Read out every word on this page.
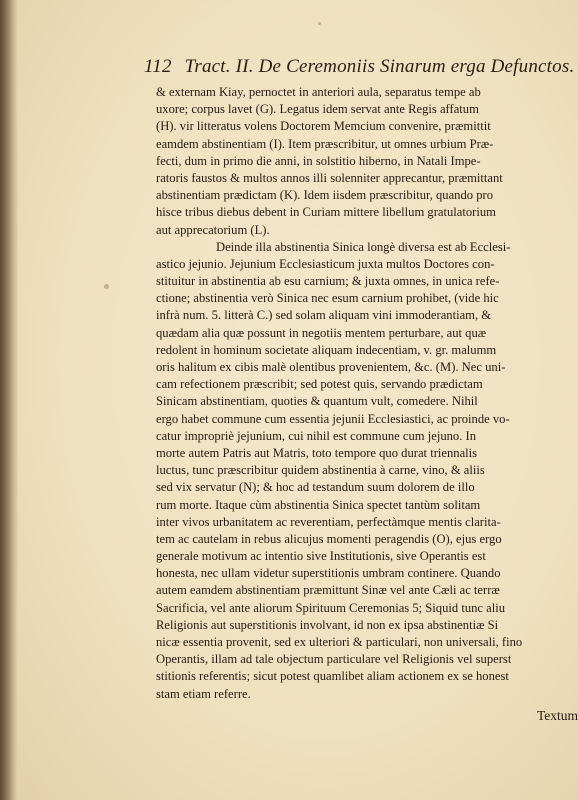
112 Tract. II. De Ceremoniis Sinarum erga Defunctos.
& externam Kiay, pernoctet in anteriori aula, separatus tempe ab
uxore; corpus lavet (G). Legatus idem servat ante Regis affatum
(H). vir litteratus volens Doctorem Memcium convenire, præmittit
eamdem abstinentiam (I). Item præscribitur, ut omnes urbium Præ-
fecti, dum in primo die anni, in solstitio hiberno, in Natali Impe-
ratoris faustos & multos annos illi solenniter apprecantur, præmittant
abstinentiam prædictam (K). Idem iisdem præscribitur, quando pro
hisce tribus diebus debent in Curiam mittere libellum gratulatorium
aut apprecatorium (L).
Deinde illa abstinentia Sinica longè diversa est ab Ecclesi-
astico jejunio. Jejunium Ecclesiasticum juxta multos Doctores con-
stituitur in abstinentia ab esu carnium; & juxta omnes, in unica refe-
ctione; abstinentia verò Sinica nec esum carnium prohibet, (vide hic
infrà num. 5. litterà C.) sed solam aliquam vini immoderantiam, &
quædam alia quæ possunt in negotiis mentem perturbare, aut quæ
redolent in hominum societate aliquam indecentiam, v. gr. malumm
oris halitum ex cibis malè olentibus provenientem, &c. (M). Nec uni-
cam refectionem præscribit; sed potest quis, servando prædictam
Sinicam abstinentiam, quoties & quantum vult, comedere. Nihil
ergo habet commune cum essentia jejunii Ecclesiastici, ac proinde vo-
catur impropriè jejunium, cui nihil est commune cum jejuno. In
morte autem Patris aut Matris, toto tempore quo durat triennalis
luctus, tunc præscribitur quidem abstinentia à carne, vino, & aliis
sed vix servatur (N); & hoc ad testandum suum dolorem de illo
rum morte. Itaque cùm abstinentia Sinica spectet tantùm solitam
inter vivos urbanitatem ac reverentiam, perfectàmque mentis clarita-
tem ac cautelam in rebus alicujus momenti peragendis (O), ejus ergo
generale motivum ac intentio sive Institutionis, sive Operantis est
honesta, nec ullam videtur superstitionis umbram continere. Quando
autem eamdem abstinentiam præmittunt Sinæ vel ante Cæli ac terræ
Sacrificia, vel ante aliorum Spirituum Ceremonias 5; Siquid tunc aliu
Religionis aut superstitionis involvant, id non ex ipsa abstinentiæ Si
nicæ essentia provenit, sed ex ulteriori & particulari, non universali, fino
Operantis, illam ad tale objectum particulare vel Religionis vel superst
stitionis referentis; sicut potest quamlibet aliam actionem ex se honest
stam etiam referre.
Textum
